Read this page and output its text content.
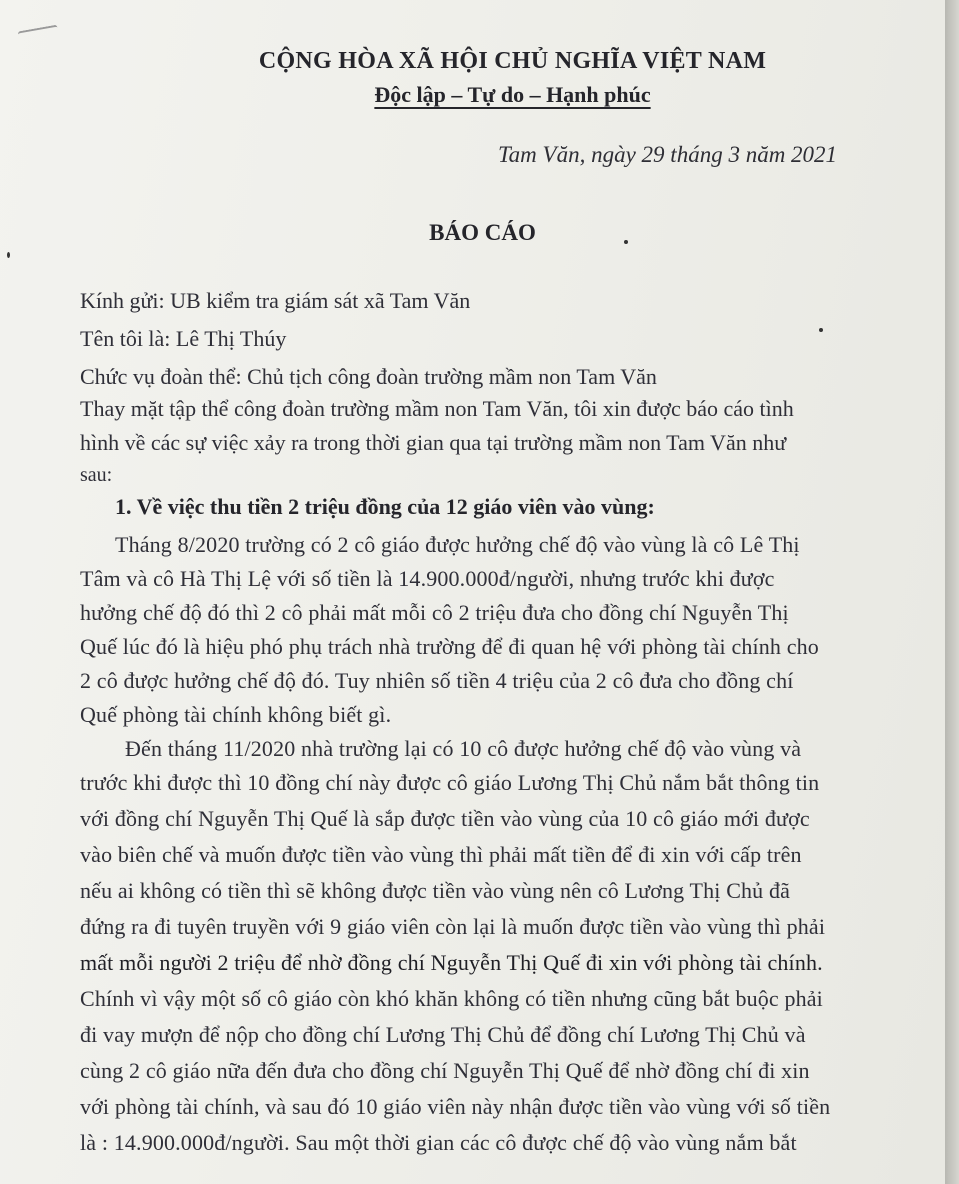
CỘNG HÒA XÃ HỘI CHỦ NGHĨA VIỆT NAM
Độc lập – Tự do – Hạnh phúc
Tam Văn, ngày 29 tháng 3 năm 2021
BÁO CÁO
Kính gửi: UB kiểm tra giám sát xã Tam Văn
Tên tôi là: Lê Thị Thúy
Chức vụ đoàn thể: Chủ tịch công đoàn trường mầm non Tam Văn
Thay mặt tập thể công đoàn trường mầm non Tam Văn, tôi xin được báo cáo tình
hình về các sự việc xảy ra trong thời gian qua tại trường mầm non Tam Văn như
sau:
1. Về việc thu tiền 2 triệu đồng của 12 giáo viên vào vùng:
Tháng 8/2020 trường có 2 cô giáo được hưởng chế độ vào vùng là cô Lê Thị
Tâm và cô Hà Thị Lệ với số tiền là 14.900.000đ/người, nhưng trước khi được
hưởng chế độ đó thì 2 cô phải mất mỗi cô 2 triệu đưa cho đồng chí Nguyễn Thị
Quế lúc đó là hiệu phó phụ trách nhà trường để đi quan hệ với phòng tài chính cho
2 cô được hưởng chế độ đó. Tuy nhiên số tiền 4 triệu của 2 cô đưa cho đồng chí
Quế phòng tài chính không biết gì.
Đến tháng 11/2020 nhà trường lại có 10 cô được hưởng chế độ vào vùng và
trước khi được thì 10 đồng chí này được cô giáo Lương Thị Chủ nắm bắt thông tin
với đồng chí Nguyễn Thị Quế là sắp được tiền vào vùng của 10 cô giáo mới được
vào biên chế và muốn được tiền vào vùng thì phải mất tiền để đi xin với cấp trên
nếu ai không có tiền thì sẽ không được tiền vào vùng nên cô Lương Thị Chủ đã
đứng ra đi tuyên truyền với 9 giáo viên còn lại là muốn được tiền vào vùng thì phải
mất mỗi người 2 triệu để nhờ đồng chí Nguyễn Thị Quế đi xin với phòng tài chính.
Chính vì vậy một số cô giáo còn khó khăn không có tiền nhưng cũng bắt buộc phải
đi vay mượn để nộp cho đồng chí Lương Thị Chủ để đồng chí Lương Thị Chủ và
cùng 2 cô giáo nữa đến đưa cho đồng chí Nguyễn Thị Quế để nhờ đồng chí đi xin
với phòng tài chính, và sau đó 10 giáo viên này nhận được tiền vào vùng với số tiền
là : 14.900.000đ/người. Sau một thời gian các cô được chế độ vào vùng nắm bắt
